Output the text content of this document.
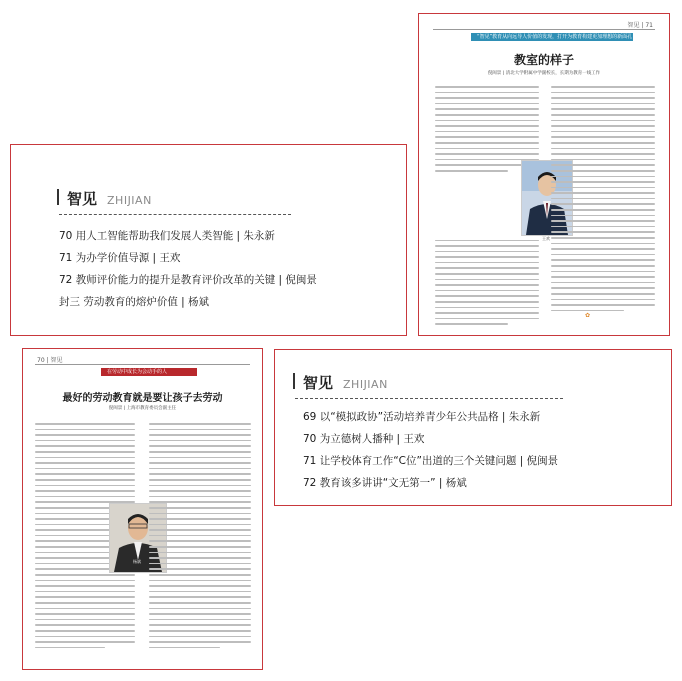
智见 ZHIJIAN
70 用人工智能帮助我们发展人类智能 | 朱永新
71 为办学价值导源 | 王欢
72 教师评价能力的提升是教育评价改革的关键 | 倪闽景
封三 劳动教育的熔炉价值 | 杨斌
智见 | 71
“智见”教育从向远导人价值的发现，打开为教育构建更加理想的新面孔
教室的样子
倪闽景 | 清北大学附属中学副校长，长期为教育一线工作
王欢
✿
70 | 智见
在劳动中成长为会动手的人
最好的劳动教育就是要让孩子去劳动
倪闽景 | 上海市教育委员会副主任
杨斌
智见 ZHIJIAN
69 以“模拟政协”活动培养青少年公共品格 | 朱永新
70 为立德树人播种 | 王欢
71 让学校体育工作“C位”出道的三个关键问题 | 倪闽景
72 教育该多讲讲“文无第一” | 杨斌
